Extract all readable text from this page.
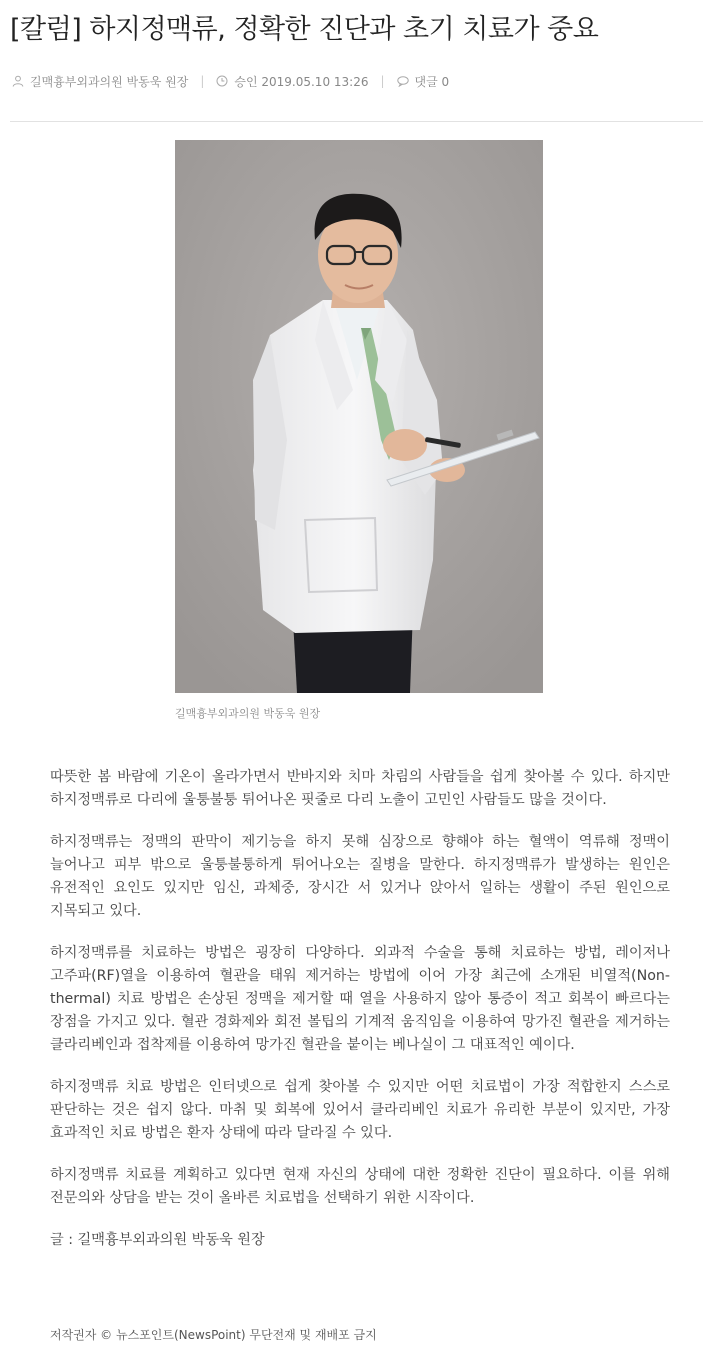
[칼럼] 하지정맥류, 정확한 진단과 초기 치료가 중요
길맥흉부외과의원 박동욱 원장 |	승인 2019.05.10 13:26 |	댓글 0
길맥흉부외과의원 박동욱 원장

따뜻한 봄 바람에 기온이 올라가면서 반바지와 치마 차림의 사람들을 쉽게 찾아볼 수 있다. 하지만 하지정맥류로 다리에 울퉁불퉁 튀어나온 핏줄로 다리 노출이 고민인 사람들도 많을 것이다.

하지정맥류는 정맥의 판막이 제기능을 하지 못해 심장으로 향해야 하는 혈액이 역류해 정맥이 늘어나고 피부 밖으로 울퉁불퉁하게 튀어나오는 질병을 말한다. 하지정맥류가 발생하는 원인은 유전적인 요인도 있지만 임신, 과체중, 장시간 서 있거나 앉아서 일하는 생활이 주된 원인으로 지목되고 있다.

하지정맥류를 치료하는 방법은 굉장히 다양하다. 외과적 수술을 통해 치료하는 방법, 레이저나 고주파(RF)열을 이용하여 혈관을 태워 제거하는 방법에 이어 가장 최근에 소개된 비열적(Non-thermal) 치료 방법은 손상된 정맥을 제거할 때 열을 사용하지 않아 통증이 적고 회복이 빠르다는 장점을 가지고 있다. 혈관 경화제와 회전 볼팁의 기계적 움직임을 이용하여 망가진 혈관을 제거하는 클라리베인과 접착제를 이용하여 망가진 혈관을 붙이는 베나실이 그 대표적인 예이다.

하지정맥류 치료 방법은 인터넷으로 쉽게 찾아볼 수 있지만 어떤 치료법이 가장 적합한지 스스로 판단하는 것은 쉽지 않다. 마취 및 회복에 있어서 클라리베인 치료가 유리한 부분이 있지만, 가장 효과적인 치료 방법은 환자 상태에 따라 달라질 수 있다.

하지정맥류 치료를 계획하고 있다면 현재 자신의 상태에 대한 정확한 진단이 필요하다. 이를 위해 전문의와 상담을 받는 것이 올바른 치료법을 선택하기 위한 시작이다.

글 : 길맥흉부외과의원 박동욱 원장

저작권자 © 뉴스포인트(NewsPoint) 무단전재 및 재배포 금지
